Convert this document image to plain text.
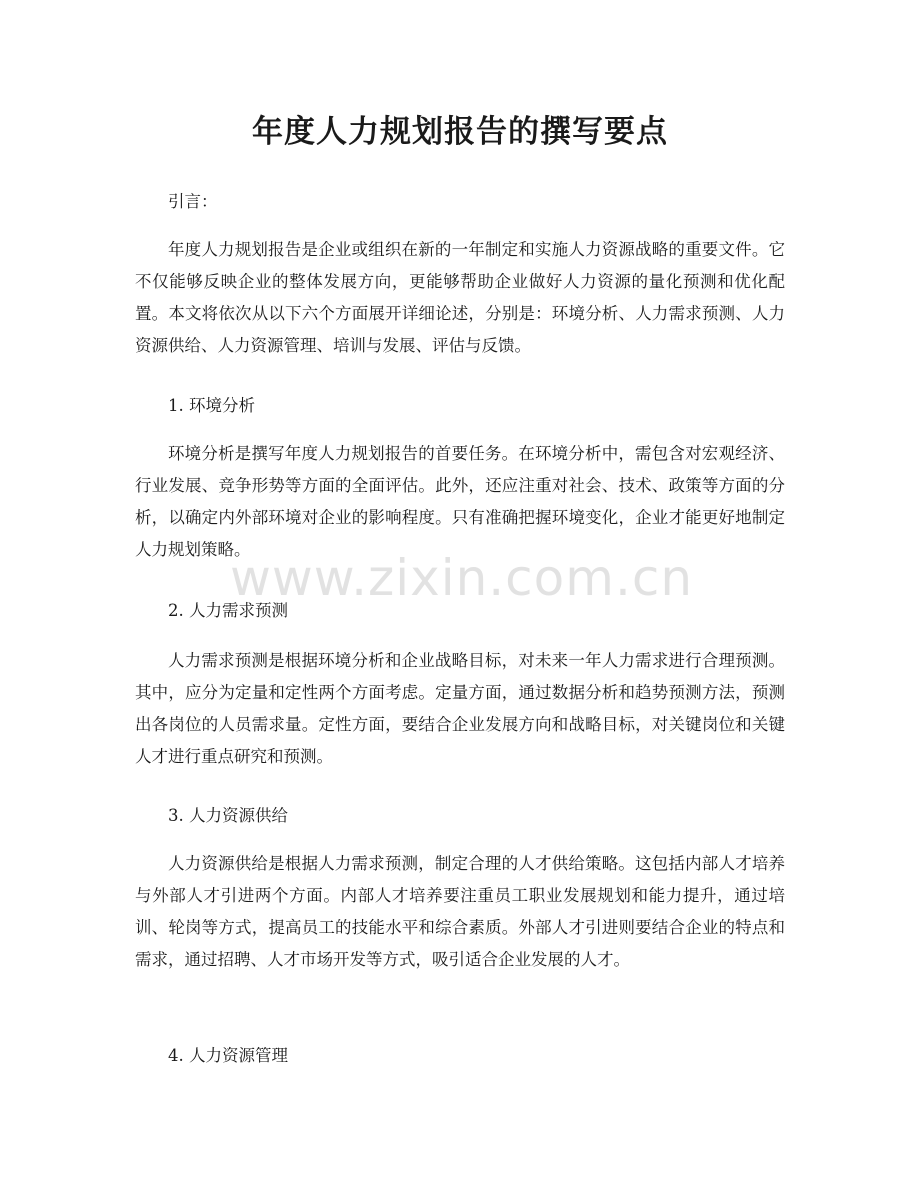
年度人力规划报告的撰写要点

引言：

年度人力规划报告是企业或组织在新的一年制定和实施人力资源战略的重要文件。它不仅能够反映企业的整体发展方向，更能够帮助企业做好人力资源的量化预测和优化配置。本文将依次从以下六个方面展开详细论述，分别是：环境分析、人力需求预测、人力资源供给、人力资源管理、培训与发展、评估与反馈。

1. 环境分析

环境分析是撰写年度人力规划报告的首要任务。在环境分析中，需包含对宏观经济、行业发展、竞争形势等方面的全面评估。此外，还应注重对社会、技术、政策等方面的分析，以确定内外部环境对企业的影响程度。只有准确把握环境变化，企业才能更好地制定人力规划策略。

2. 人力需求预测

人力需求预测是根据环境分析和企业战略目标，对未来一年人力需求进行合理预测。其中，应分为定量和定性两个方面考虑。定量方面，通过数据分析和趋势预测方法，预测出各岗位的人员需求量。定性方面，要结合企业发展方向和战略目标，对关键岗位和关键人才进行重点研究和预测。

3. 人力资源供给

人力资源供给是根据人力需求预测，制定合理的人才供给策略。这包括内部人才培养与外部人才引进两个方面。内部人才培养要注重员工职业发展规划和能力提升，通过培训、轮岗等方式，提高员工的技能水平和综合素质。外部人才引进则要结合企业的特点和需求，通过招聘、人才市场开发等方式，吸引适合企业发展的人才。

4. 人力资源管理

www.zixin.com.cn
